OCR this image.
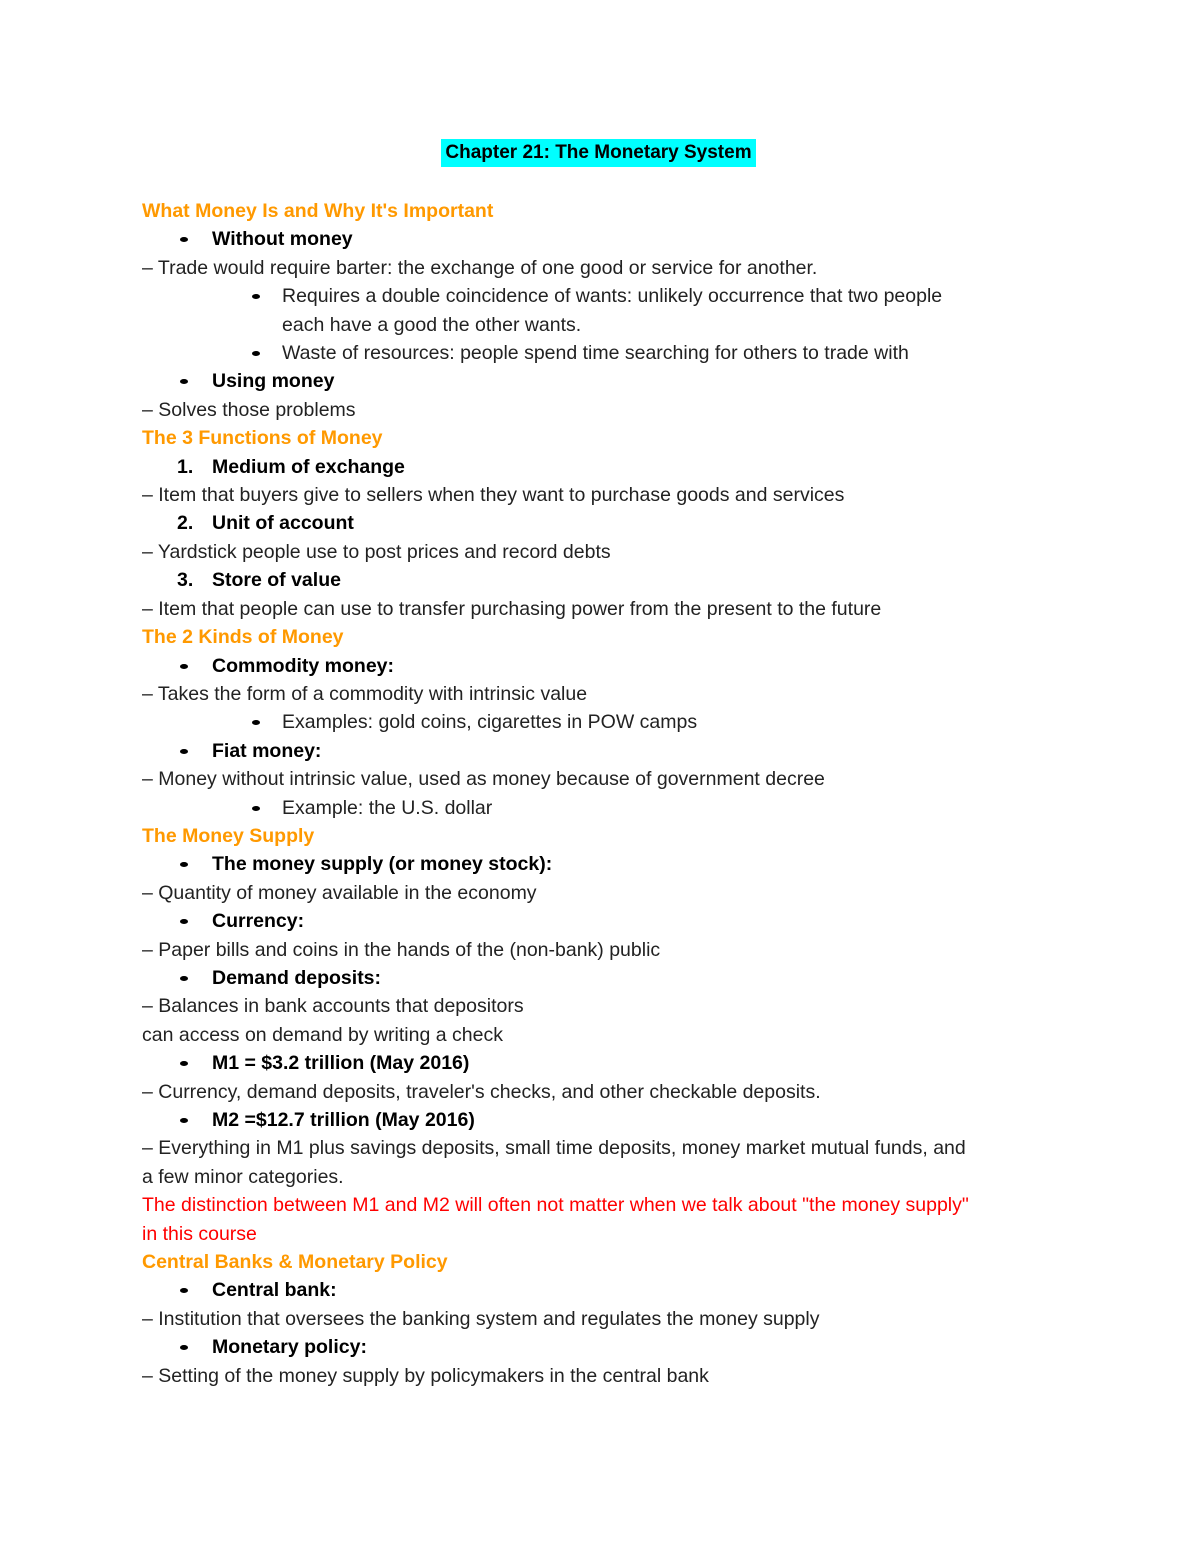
Chapter 21: The Monetary System
What Money Is and Why It's Important
Without money
– Trade would require barter: the exchange of one good or service for another.
Requires a double coincidence of wants: unlikely occurrence that two people
each have a good the other wants.
Waste of resources: people spend time searching for others to trade with
Using money
– Solves those problems
The 3 Functions of Money
1. Medium of exchange
– Item that buyers give to sellers when they want to purchase goods and services
2. Unit of account
– Yardstick people use to post prices and record debts
3. Store of value
– Item that people can use to transfer purchasing power from the present to the future
The 2 Kinds of Money
Commodity money:
– Takes the form of a commodity with intrinsic value
Examples: gold coins, cigarettes in POW camps
Fiat money:
– Money without intrinsic value, used as money because of government decree
Example: the U.S. dollar
The Money Supply
The money supply (or money stock):
– Quantity of money available in the economy
Currency:
– Paper bills and coins in the hands of the (non-bank) public
Demand deposits:
– Balances in bank accounts that depositors
can access on demand by writing a check
M1 = $3.2 trillion (May 2016)
– Currency, demand deposits, traveler's checks, and other checkable deposits.
M2 =$12.7 trillion (May 2016)
– Everything in M1 plus savings deposits, small time deposits, money market mutual funds, and
a few minor categories.
The distinction between M1 and M2 will often not matter when we talk about "the money supply"
in this course
Central Banks & Monetary Policy
Central bank:
– Institution that oversees the banking system and regulates the money supply
Monetary policy:
– Setting of the money supply by policymakers in the central bank
